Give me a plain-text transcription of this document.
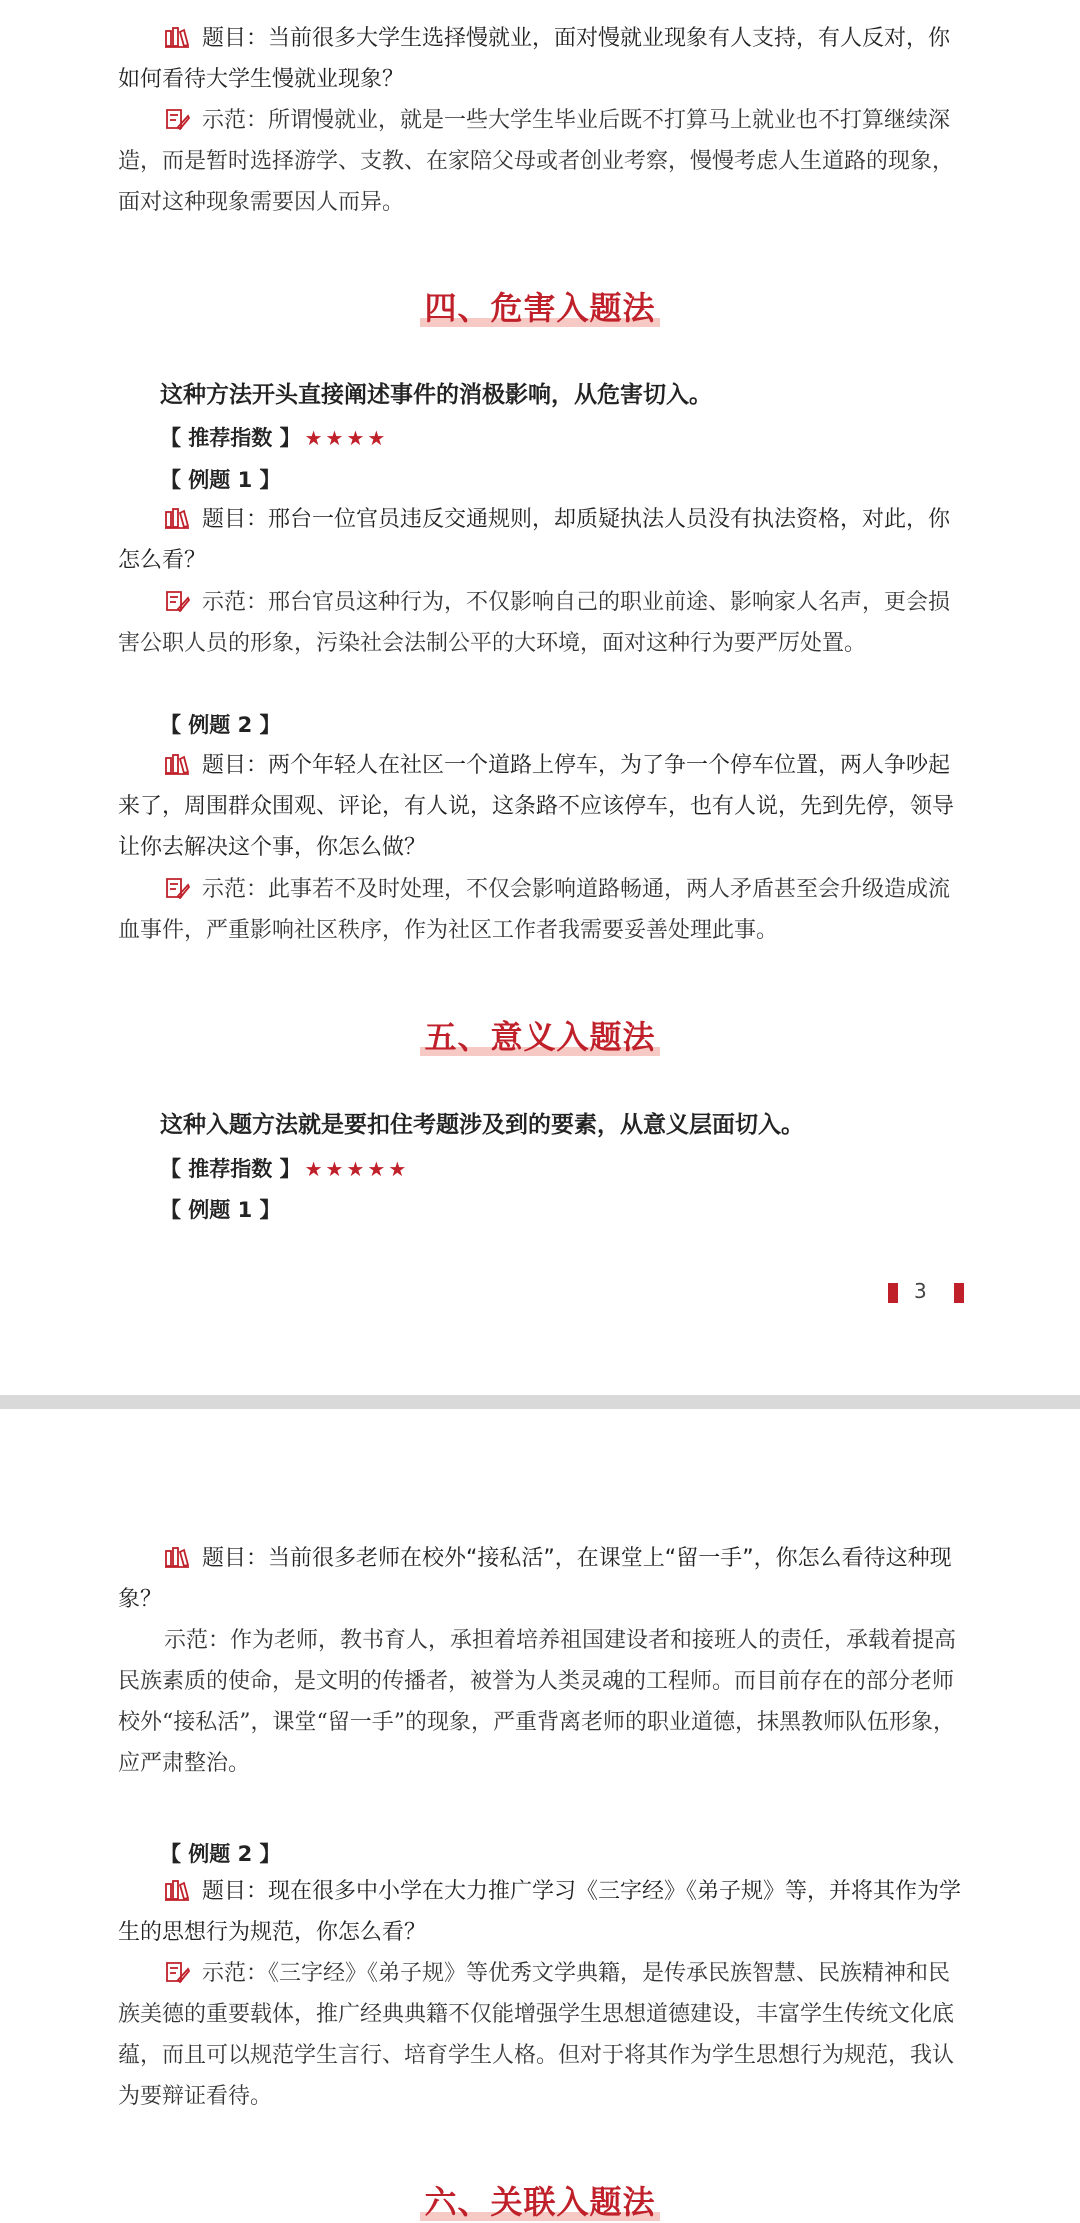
题目：当前很多大学生选择慢就业，面对慢就业现象有人支持，有人反对，你如何看待大学生慢就业现象？

示范：所谓慢就业，就是一些大学生毕业后既不打算马上就业也不打算继续深造，而是暂时选择游学、支教、在家陪父母或者创业考察，慢慢考虑人生道路的现象，面对这种现象需要因人而异。

四、危害入题法
这种方法开头直接阐述事件的消极影响，从危害切入。
【 推荐指数 】 ★★★★
【 例题 1 】

题目：邢台一位官员违反交通规则，却质疑执法人员没有执法资格，对此，你怎么看？

示范：邢台官员这种行为，不仅影响自己的职业前途、影响家人名声，更会损害公职人员的形象，污染社会法制公平的大环境，面对这种行为要严厉处置。

【 例题 2 】

题目：两个年轻人在社区一个道路上停车，为了争一个停车位置，两人争吵起来了，周围群众围观、评论，有人说，这条路不应该停车，也有人说，先到先停，领导让你去解决这个事，你怎么做？

示范：此事若不及时处理，不仅会影响道路畅通，两人矛盾甚至会升级造成流血事件，严重影响社区秩序，作为社区工作者我需要妥善处理此事。

五、意义入题法
这种入题方法就是要扣住考题涉及到的要素，从意义层面切入。
【 推荐指数 】 ★★★★★
【 例题 1 】
3

题目：当前很多老师在校外“接私活”，在课堂上“留一手”，你怎么看待这种现象？

示范：作为老师，教书育人，承担着培养祖国建设者和接班人的责任，承载着提高民族素质的使命，是文明的传播者，被誉为人类灵魂的工程师。而目前存在的部分老师校外“接私活”，课堂“留一手”的现象，严重背离老师的职业道德，抹黑教师队伍形象，应严肃整治。

【 例题 2 】

题目：现在很多中小学在大力推广学习《三字经》《弟子规》等，并将其作为学生的思想行为规范，你怎么看？

示范：《三字经》《弟子规》等优秀文学典籍，是传承民族智慧、民族精神和民族美德的重要载体，推广经典典籍不仅能增强学生思想道德建设，丰富学生传统文化底蕴，而且可以规范学生言行、培育学生人格。但对于将其作为学生思想行为规范，我认为要辩证看待。

六、关联入题法
